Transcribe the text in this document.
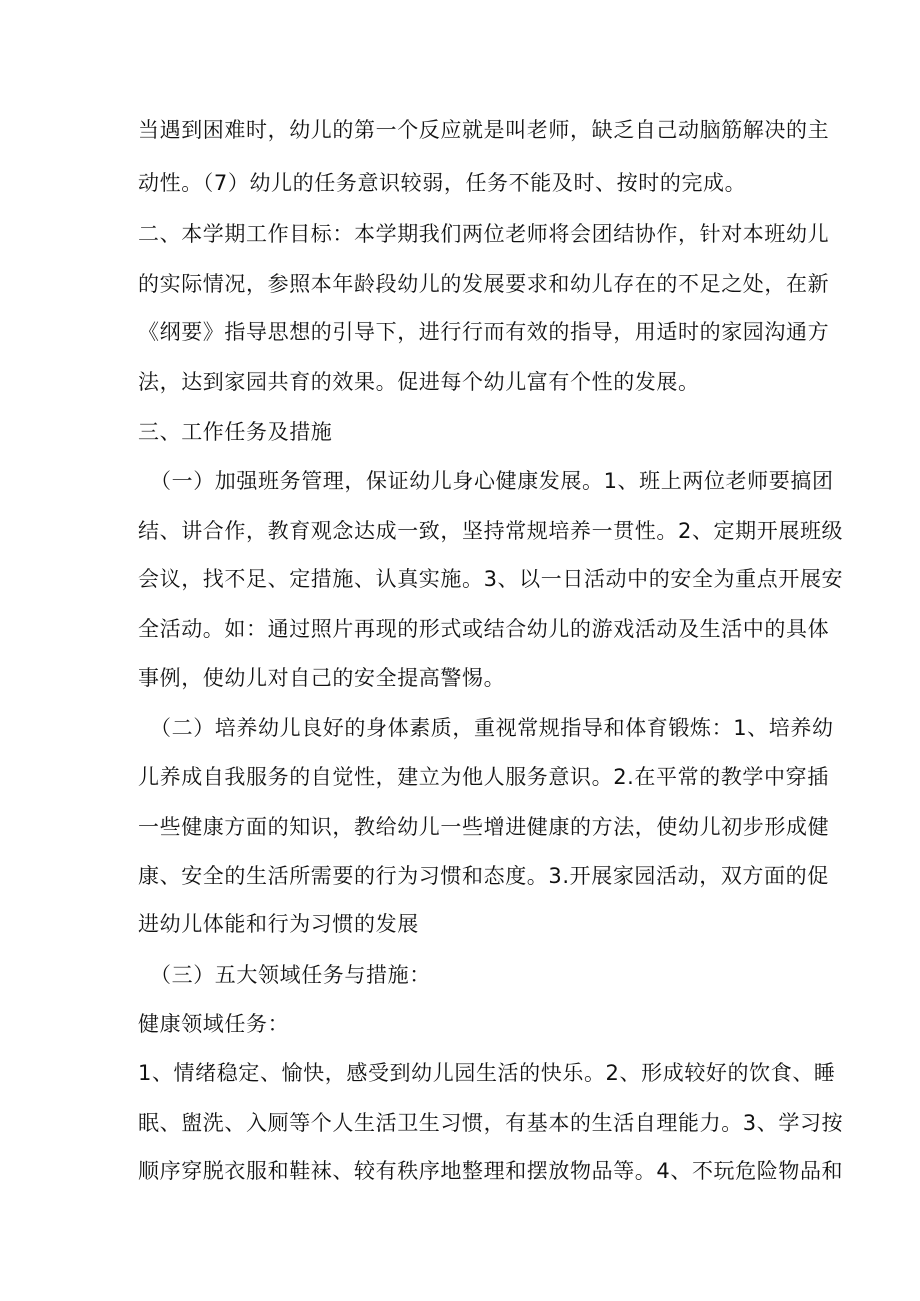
当遇到困难时，幼儿的第一个反应就是叫老师，缺乏自己动脑筋解决的主
动性。（7）幼儿的任务意识较弱，任务不能及时、按时的完成。
二、本学期工作目标：本学期我们两位老师将会团结协作，针对本班幼儿
的实际情况，参照本年龄段幼儿的发展要求和幼儿存在的不足之处，在新
《纲要》指导思想的引导下，进行行而有效的指导，用适时的家园沟通方
法，达到家园共育的效果。促进每个幼儿富有个性的发展。
三、工作任务及措施
（一）加强班务管理，保证幼儿身心健康发展。1、班上两位老师要搞团
结、讲合作，教育观念达成一致，坚持常规培养一贯性。2、定期开展班级
会议，找不足、定措施、认真实施。3、以一日活动中的安全为重点开展安
全活动。如：通过照片再现的形式或结合幼儿的游戏活动及生活中的具体
事例，使幼儿对自己的安全提高警惕。
（二）培养幼儿良好的身体素质，重视常规指导和体育锻炼：1、培养幼
儿养成自我服务的自觉性，建立为他人服务意识。2.在平常的教学中穿插
一些健康方面的知识，教给幼儿一些增进健康的方法，使幼儿初步形成健
康、安全的生活所需要的行为习惯和态度。3.开展家园活动，双方面的促
进幼儿体能和行为习惯的发展
（三）五大领域任务与措施：
健康领域任务：
1、情绪稳定、愉快，感受到幼儿园生活的快乐。2、形成较好的饮食、睡
眠、盥洗、入厕等个人生活卫生习惯，有基本的生活自理能力。3、学习按
顺序穿脱衣服和鞋袜、较有秩序地整理和摆放物品等。4、不玩危险物品和
